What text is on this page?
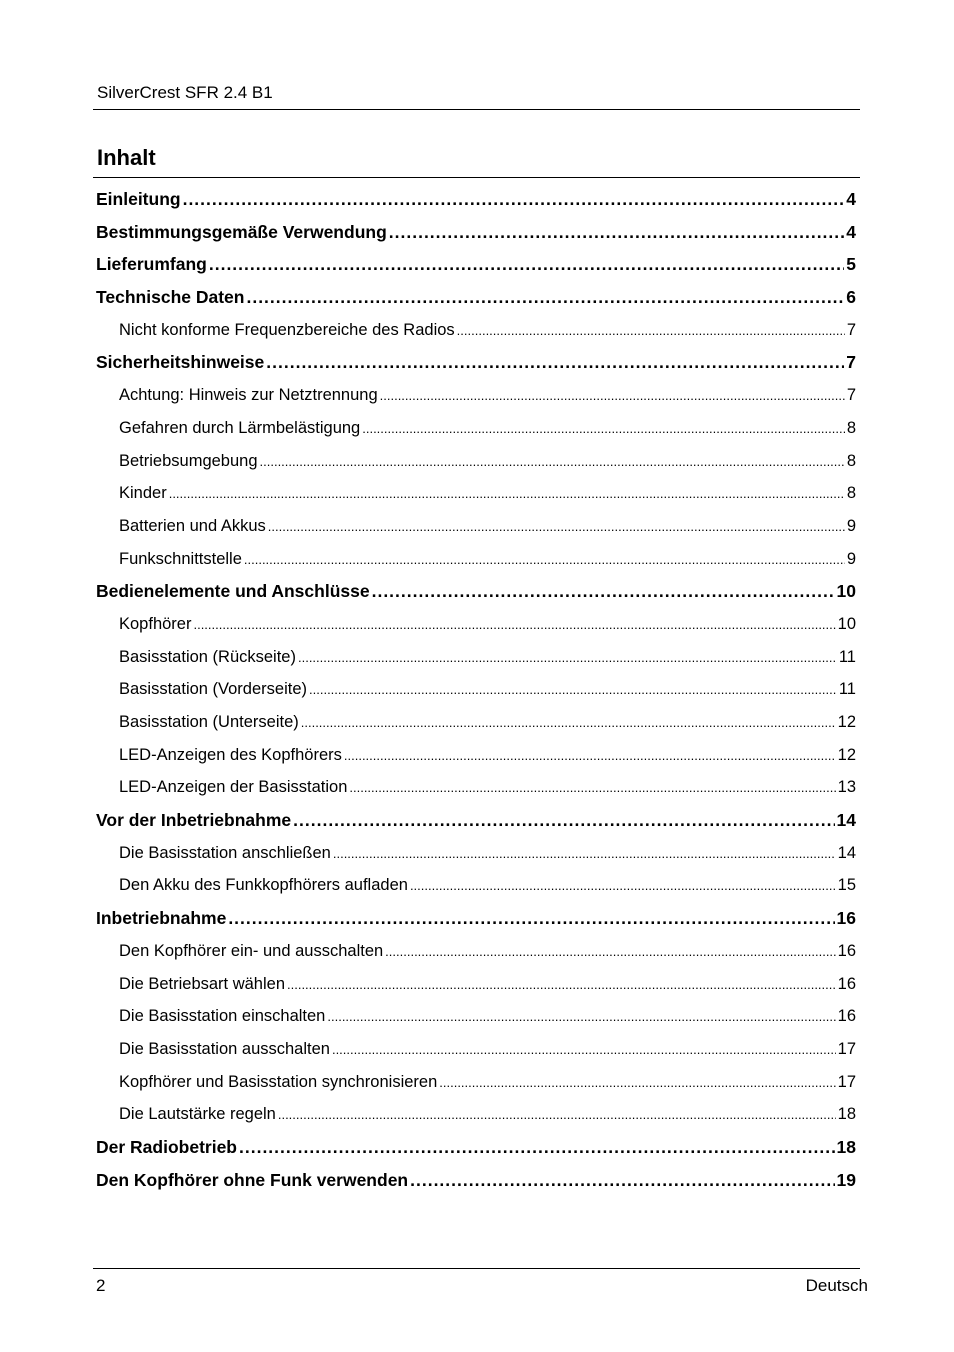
SilverCrest SFR 2.4 B1
Inhalt
Einleitung .....	4
Bestimmungsgemäße Verwendung .....	4
Lieferumfang .....	5
Technische Daten .....	6
Nicht konforme Frequenzbereiche des Radios .....	7
Sicherheitshinweise .....	7
Achtung: Hinweis zur Netztrennung .....	7
Gefahren durch Lärmbelästigung .....	8
Betriebsumgebung .....	8
Kinder .....	8
Batterien und Akkus .....	9
Funkschnittstelle .....	9
Bedienelemente und Anschlüsse .....	10
Kopfhörer .....	10
Basisstation (Rückseite) .....	11
Basisstation (Vorderseite) .....	11
Basisstation (Unterseite) .....	12
LED-Anzeigen des Kopfhörers .....	12
LED-Anzeigen der Basisstation .....	13
Vor der Inbetriebnahme .....	14
Die Basisstation anschließen .....	14
Den Akku des Funkkopfhörers aufladen .....	15
Inbetriebnahme .....	16
Den Kopfhörer ein- und ausschalten .....	16
Die Betriebsart wählen .....	16
Die Basisstation einschalten .....	16
Die Basisstation ausschalten .....	17
Kopfhörer und Basisstation synchronisieren .....	17
Die Lautstärke regeln .....	18
Der Radiobetrieb .....	18
Den Kopfhörer ohne Funk verwenden .....	19
2	Deutsch
